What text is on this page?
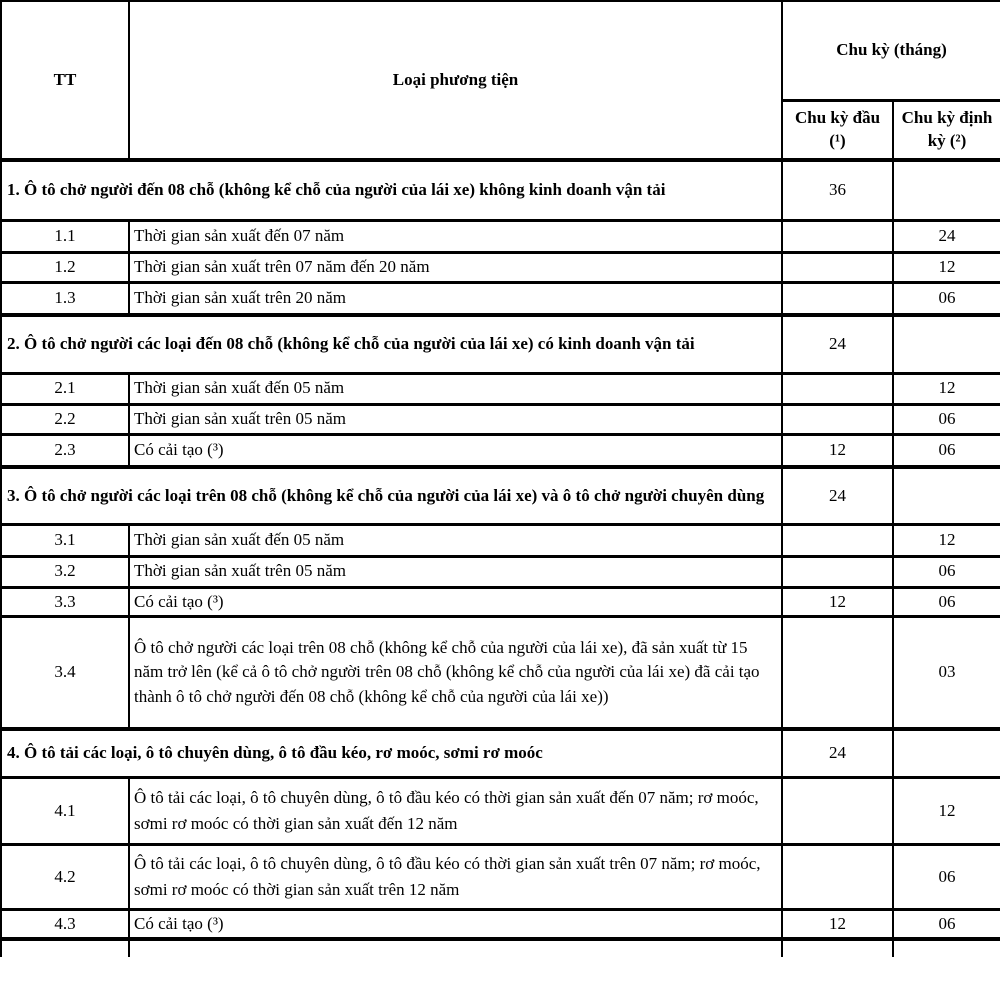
TT	Loại phương tiện	Chu kỳ (tháng)	
		Chu kỳ đầu (¹)	Chu kỳ định kỳ (²)
1. Ô tô chở người đến 08 chỗ (không kể chỗ của người của lái xe) không kinh doanh vận tải		36	
1.1	Thời gian sản xuất đến 07 năm		24
1.2	Thời gian sản xuất trên 07 năm đến 20 năm		12
1.3	Thời gian sản xuất trên 20 năm		06
2. Ô tô chở người các loại đến 08 chỗ (không kể chỗ của người của lái xe) có kinh doanh vận tải		24	
2.1	Thời gian sản xuất đến 05 năm		12
2.2	Thời gian sản xuất trên 05 năm		06
2.3	Có cải tạo (³)	12	06
3. Ô tô chở người các loại trên 08 chỗ (không kể chỗ của người của lái xe) và ô tô chở người chuyên dùng		24	
3.1	Thời gian sản xuất đến 05 năm		12
3.2	Thời gian sản xuất trên 05 năm		06
3.3	Có cải tạo (³)	12	06
3.4	Ô tô chở người các loại trên 08 chỗ (không kể chỗ của người của lái xe), đã sản xuất từ 15 năm trở lên (kể cả ô tô chở người trên 08 chỗ (không kể chỗ của người của lái xe) đã cải tạo thành ô tô chở người đến 08 chỗ (không kể chỗ của người của lái xe))		03
4. Ô tô tải các loại, ô tô chuyên dùng, ô tô đầu kéo, rơ moóc, sơmi rơ moóc		24	
4.1	Ô tô tải các loại, ô tô chuyên dùng, ô tô đầu kéo có thời gian sản xuất đến 07 năm; rơ moóc, sơmi rơ moóc có thời gian sản xuất đến 12 năm		12
4.2	Ô tô tải các loại, ô tô chuyên dùng, ô tô đầu kéo có thời gian sản xuất trên 07 năm; rơ moóc, sơmi rơ moóc có thời gian sản xuất trên 12 năm		06
4.3	Có cải tạo (³)	12	06
